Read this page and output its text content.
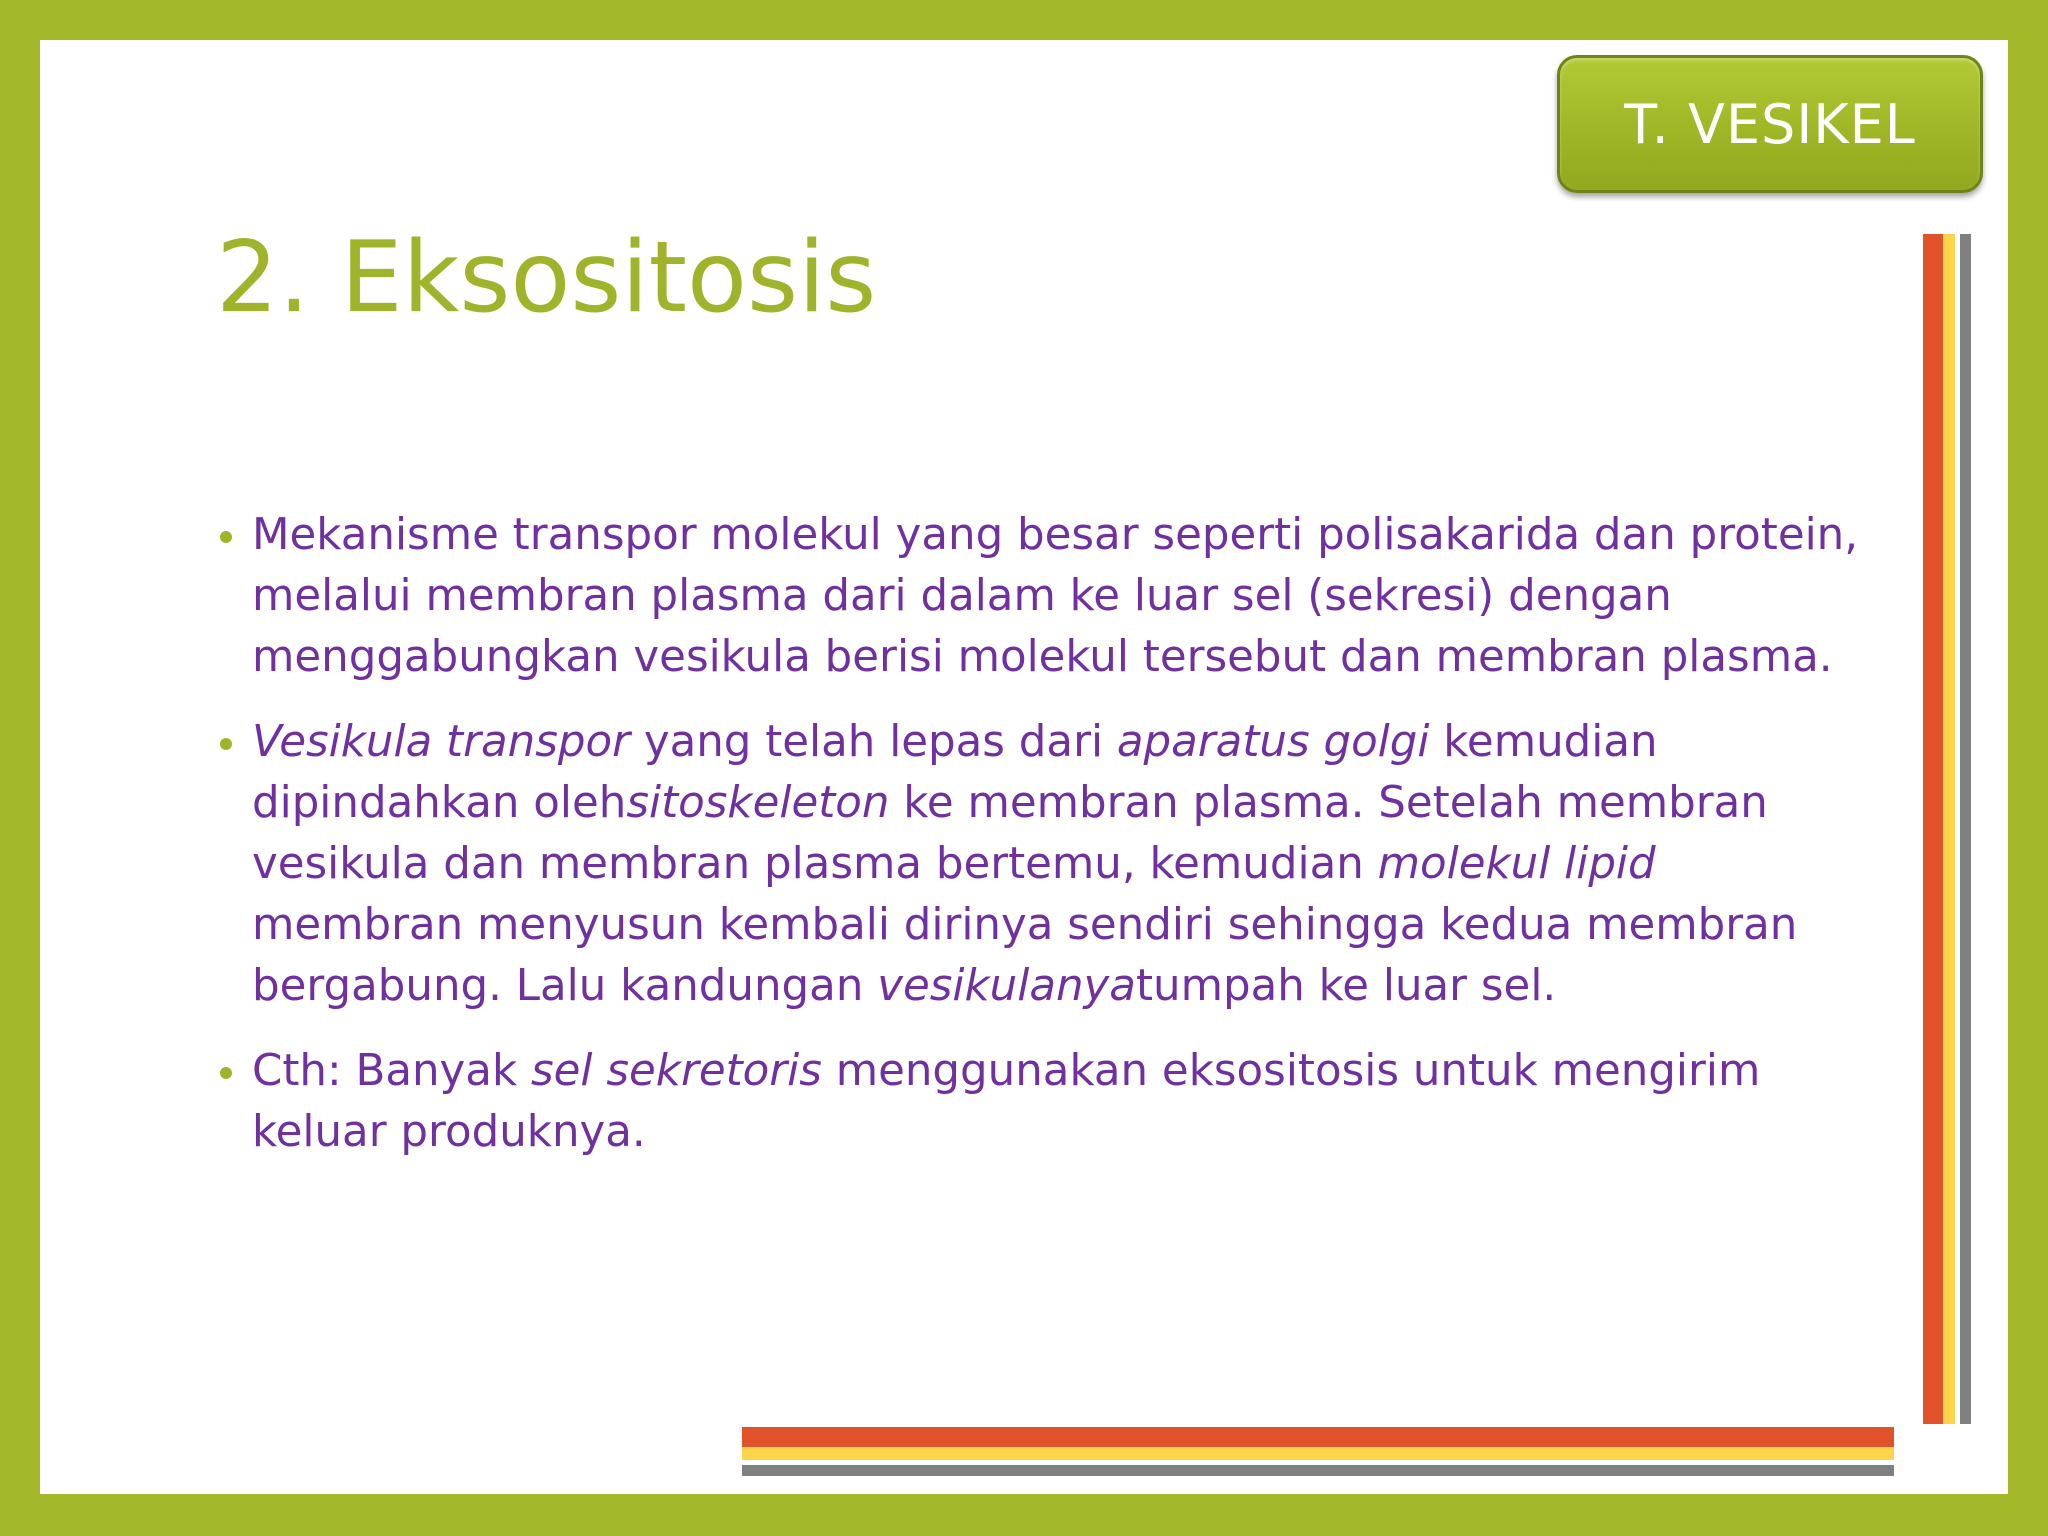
T. VESIKEL
2. Eksositosis
Mekanisme transpor molekul yang besar seperti polisakarida dan protein, melalui membran plasma dari dalam ke luar sel (sekresi) dengan menggabungkan vesikula berisi molekul tersebut dan membran plasma.
Vesikula transpor yang telah lepas dari aparatus golgi kemudian dipindahkan olehsitoskeleton ke membran plasma. Setelah membran vesikula dan membran plasma bertemu, kemudian molekul lipid membran menyusun kembali dirinya sendiri sehingga kedua membran bergabung. Lalu kandungan vesikulanyatumpah ke luar sel.
Cth: Banyak sel sekretoris menggunakan eksositosis untuk mengirim keluar produknya.
